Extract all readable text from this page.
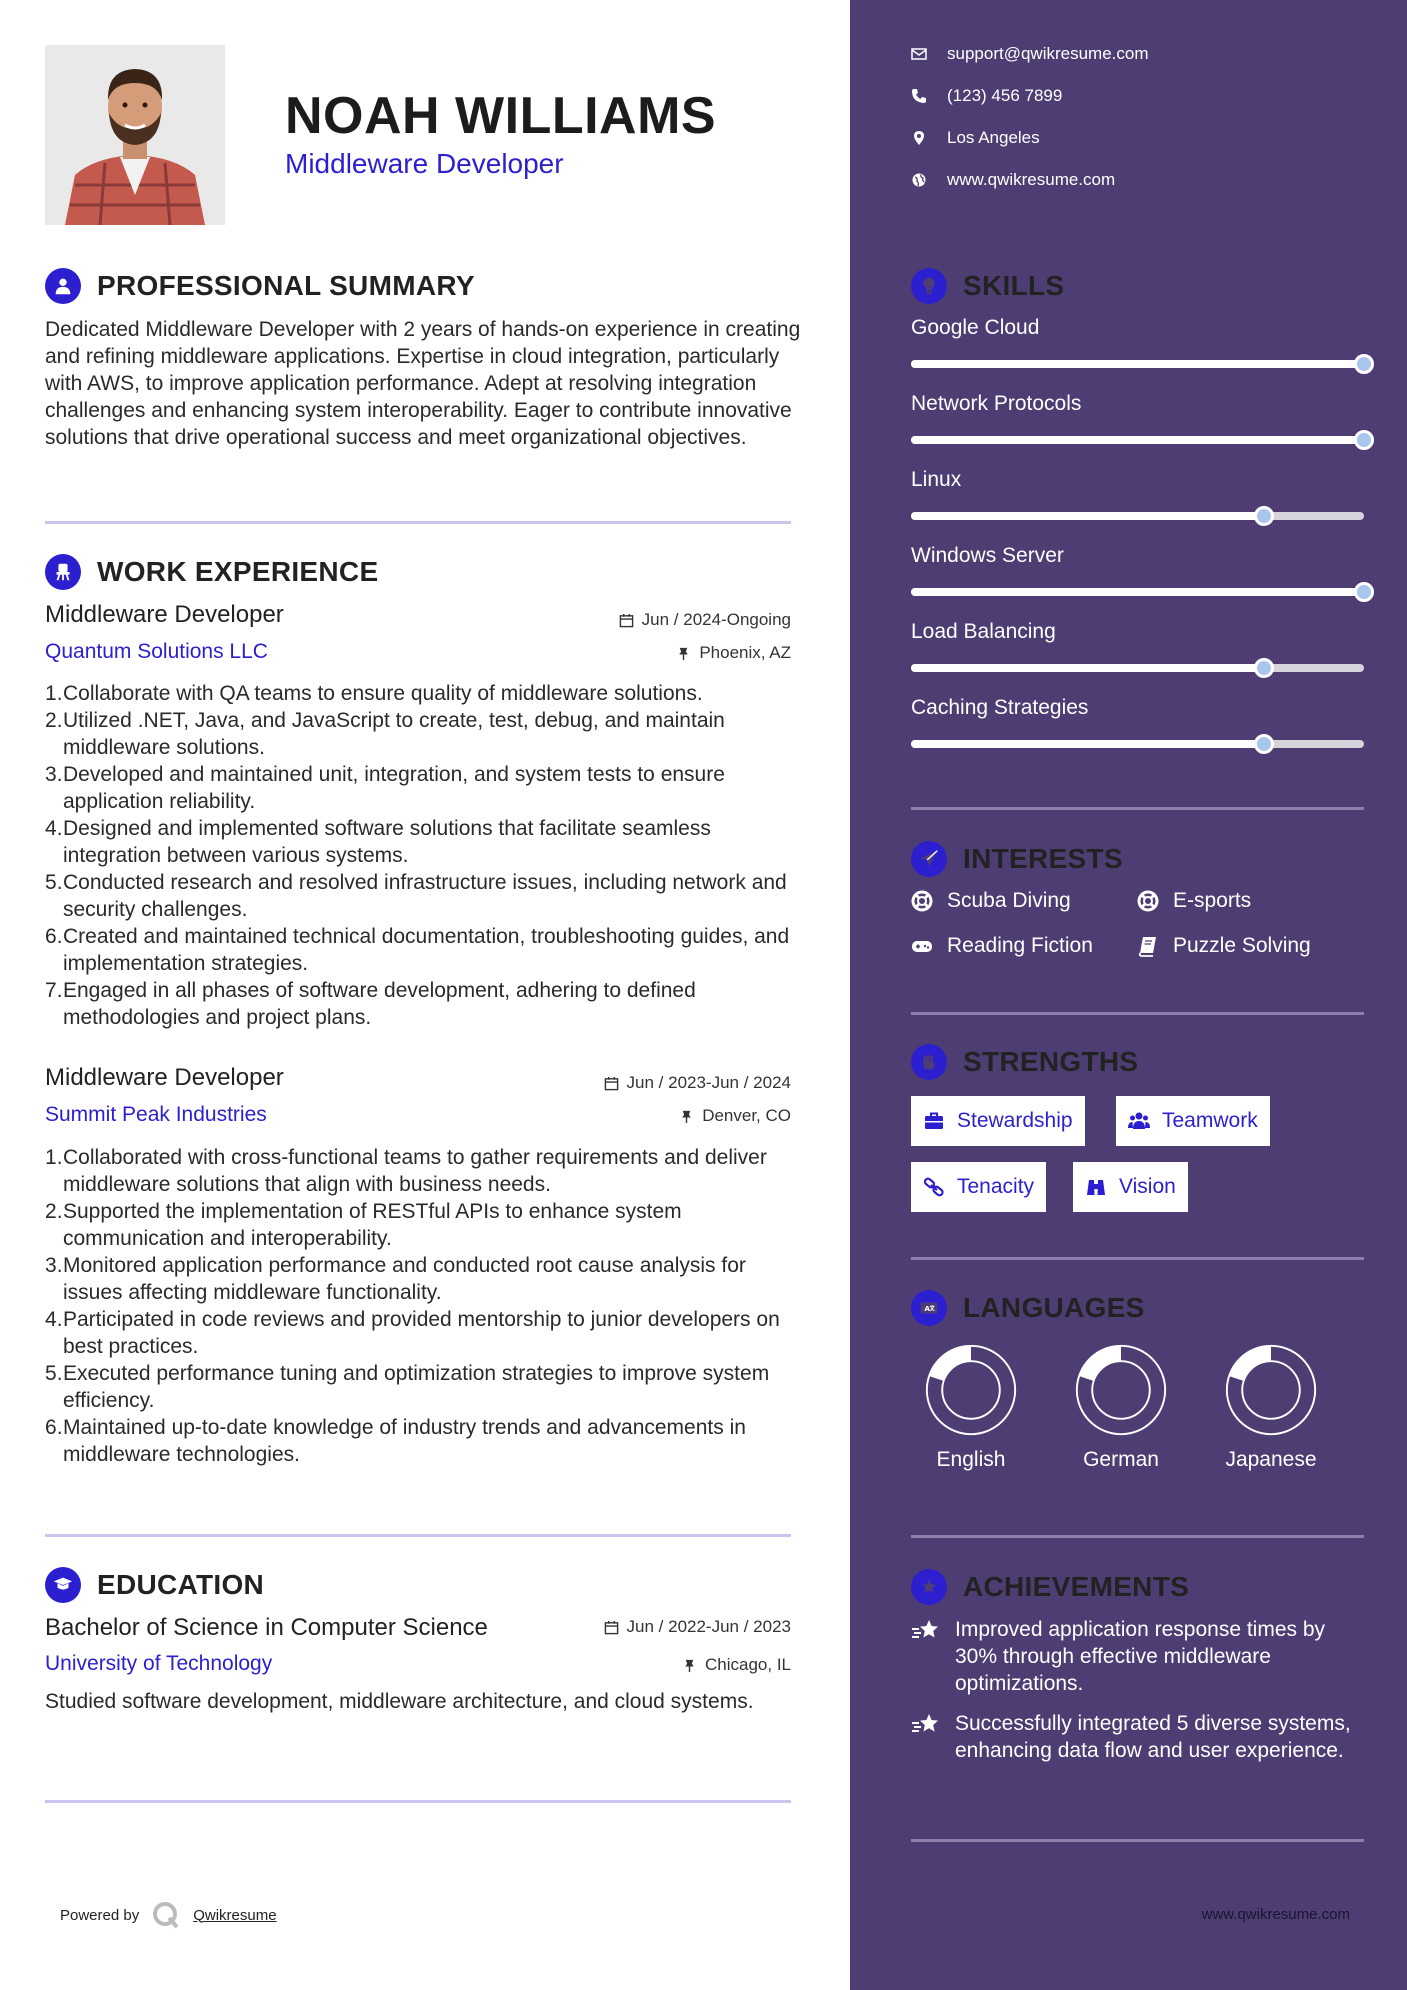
NOAH WILLIAMS
Middleware Developer
PROFESSIONAL SUMMARY
Dedicated Middleware Developer with 2 years of hands-on experience in creating and refining middleware applications. Expertise in cloud integration, particularly with AWS, to improve application performance. Adept at resolving integration challenges and enhancing system interoperability. Eager to contribute innovative solutions that drive operational success and meet organizational objectives.
WORK EXPERIENCE
Middleware Developer	Jun / 2024-Ongoing
Quantum Solutions LLC	Phoenix, AZ
Collaborate with QA teams to ensure quality of middleware solutions.
Utilized .NET, Java, and JavaScript to create, test, debug, and maintain middleware solutions.
Developed and maintained unit, integration, and system tests to ensure application reliability.
Designed and implemented software solutions that facilitate seamless integration between various systems.
Conducted research and resolved infrastructure issues, including network and security challenges.
Created and maintained technical documentation, troubleshooting guides, and implementation strategies.
Engaged in all phases of software development, adhering to defined methodologies and project plans.
Middleware Developer	Jun / 2023-Jun / 2024
Summit Peak Industries	Denver, CO
Collaborated with cross-functional teams to gather requirements and deliver middleware solutions that align with business needs.
Supported the implementation of RESTful APIs to enhance system communication and interoperability.
Monitored application performance and conducted root cause analysis for issues affecting middleware functionality.
Participated in code reviews and provided mentorship to junior developers on best practices.
Executed performance tuning and optimization strategies to improve system efficiency.
Maintained up-to-date knowledge of industry trends and advancements in middleware technologies.
EDUCATION
Bachelor of Science in Computer Science	Jun / 2022-Jun / 2023
University of Technology	Chicago, IL
Studied software development, middleware architecture, and cloud systems.
Powered by	Qwikresume
support@qwikresume.com
(123) 456 7899
Los Angeles
www.qwikresume.com
SKILLS
Google Cloud
Network Protocols
Linux
Windows Server
Load Balancing
Caching Strategies
INTERESTS
Scuba Diving	E-sports
Reading Fiction	Puzzle Solving
STRENGTHS
Stewardship	Teamwork
Tenacity	Vision
A LANGUAGES
English	German	Japanese
ACHIEVEMENTS
Improved application response times by 30% through effective middleware optimizations.
Successfully integrated 5 diverse systems, enhancing data flow and user experience.
www.qwikresume.com
